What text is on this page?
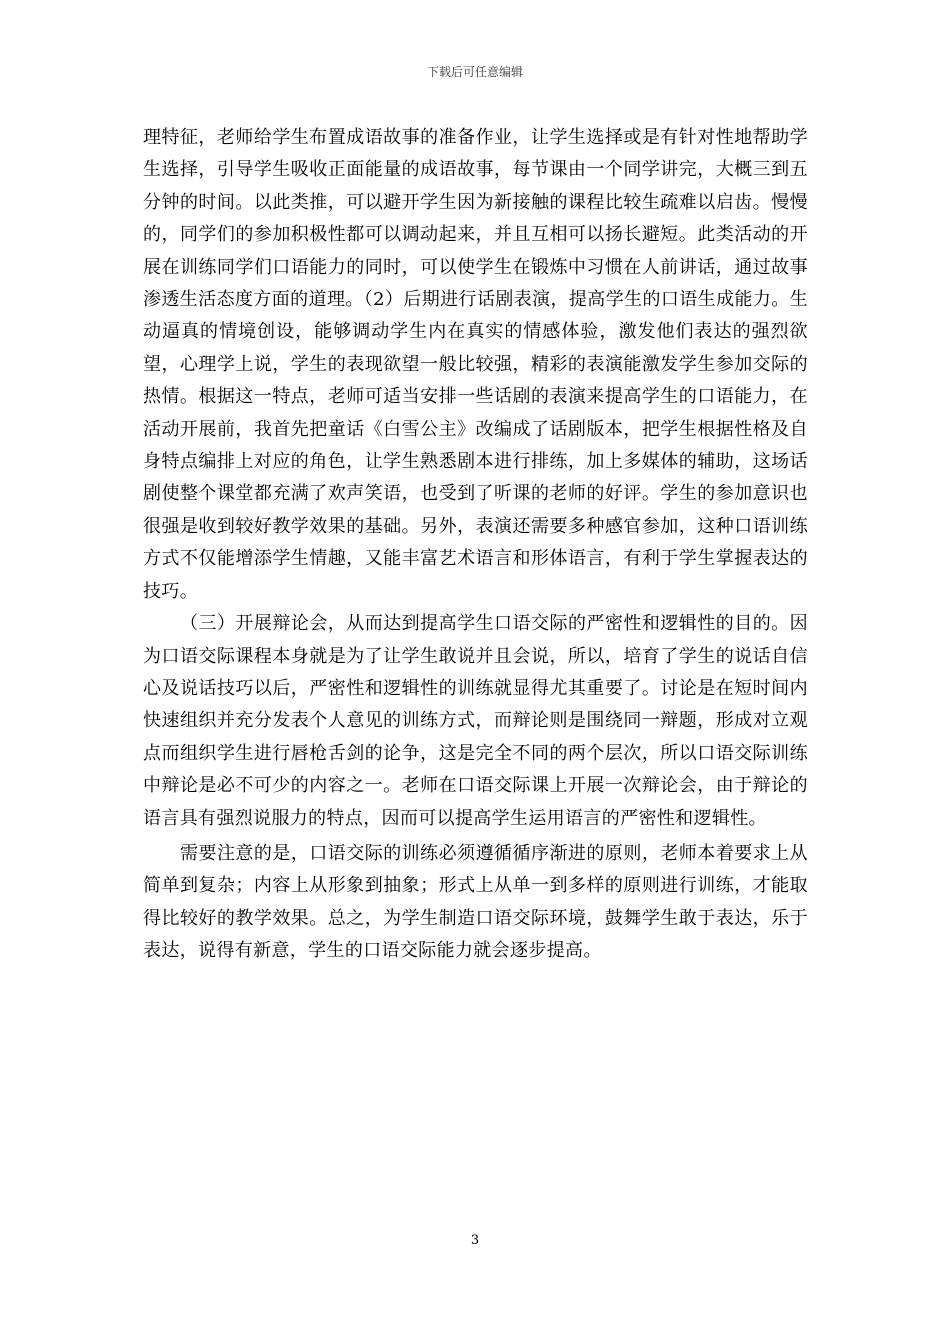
下载后可任意编辑

理特征，老师给学生布置成语故事的准备作业，让学生选择或是有针对性地帮助学生选择，引导学生吸收正面能量的成语故事，每节课由一个同学讲完，大概三到五分钟的时间。以此类推，可以避开学生因为新接触的课程比较生疏难以启齿。慢慢的，同学们的参加积极性都可以调动起来，并且互相可以扬长避短。此类活动的开展在训练同学们口语能力的同时，可以使学生在锻炼中习惯在人前讲话，通过故事渗透生活态度方面的道理。（2）后期进行话剧表演，提高学生的口语生成能力。生动逼真的情境创设，能够调动学生内在真实的情感体验，激发他们表达的强烈欲望，心理学上说，学生的表现欲望一般比较强，精彩的表演能激发学生参加交际的热情。根据这一特点，老师可适当安排一些话剧的表演来提高学生的口语能力，在活动开展前，我首先把童话《白雪公主》改编成了话剧版本，把学生根据性格及自身特点编排上对应的角色，让学生熟悉剧本进行排练，加上多媒体的辅助，这场话剧使整个课堂都充满了欢声笑语，也受到了听课的老师的好评。学生的参加意识也很强是收到较好教学效果的基础。另外，表演还需要多种感官参加，这种口语训练方式不仅能增添学生情趣，又能丰富艺术语言和形体语言，有利于学生掌握表达的技巧。

（三）开展辩论会，从而达到提高学生口语交际的严密性和逻辑性的目的。因为口语交际课程本身就是为了让学生敢说并且会说，所以，培育了学生的说话自信心及说话技巧以后，严密性和逻辑性的训练就显得尤其重要了。讨论是在短时间内快速组织并充分发表个人意见的训练方式，而辩论则是围绕同一辩题，形成对立观点而组织学生进行唇枪舌剑的论争，这是完全不同的两个层次，所以口语交际训练中辩论是必不可少的内容之一。老师在口语交际课上开展一次辩论会，由于辩论的语言具有强烈说服力的特点，因而可以提高学生运用语言的严密性和逻辑性。

需要注意的是，口语交际的训练必须遵循循序渐进的原则，老师本着要求上从简单到复杂；内容上从形象到抽象；形式上从单一到多样的原则进行训练，才能取得比较好的教学效果。总之，为学生制造口语交际环境，鼓舞学生敢于表达，乐于表达，说得有新意，学生的口语交际能力就会逐步提高。

3
